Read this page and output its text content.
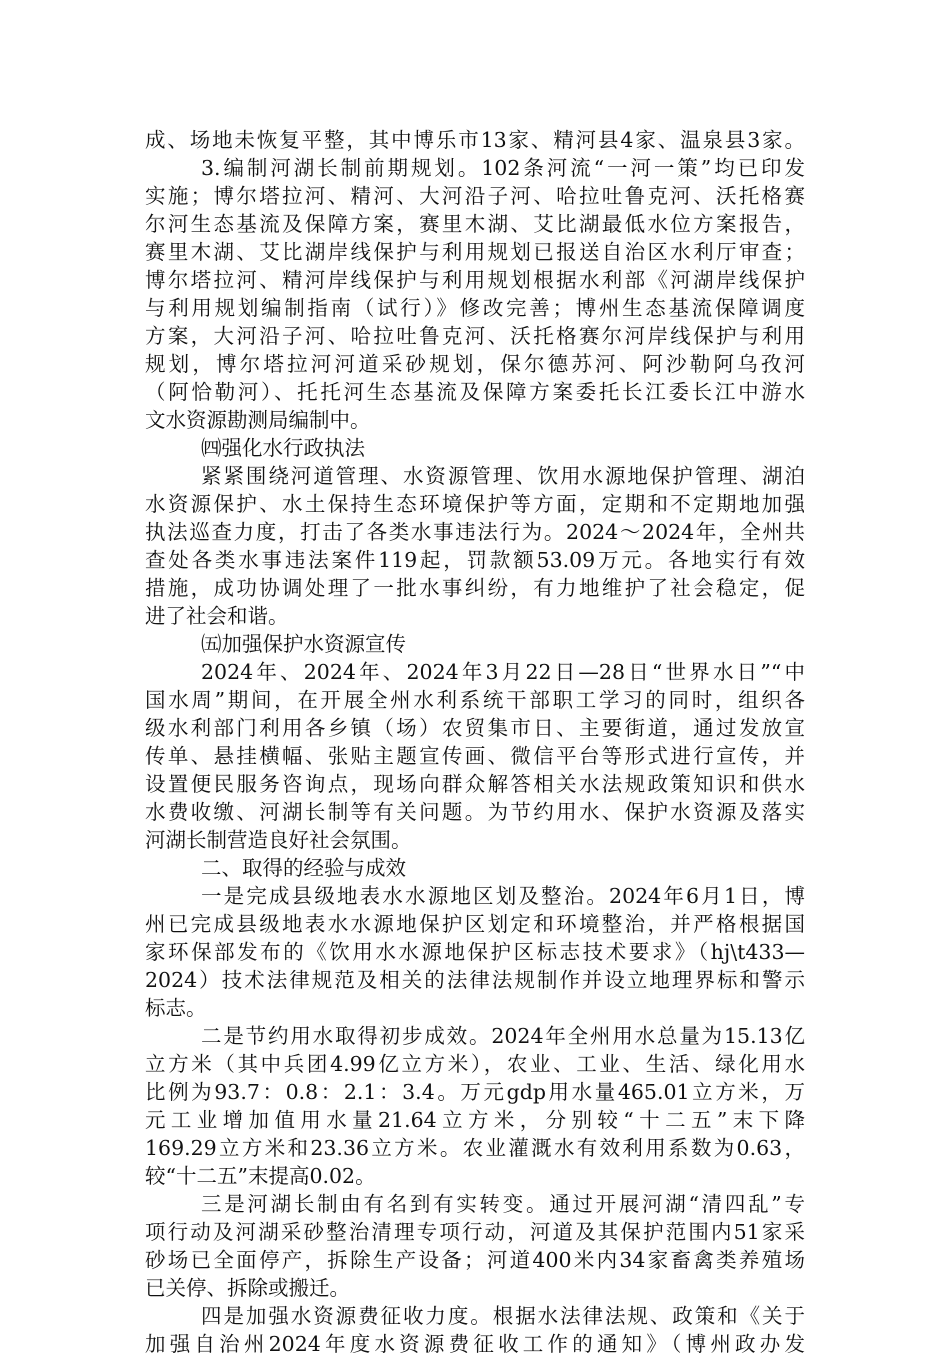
成、场地未恢复平整，其中博乐市13家、精河县4家、温泉县3家。
3.编制河湖长制前期规划。102条河流“一河一策”均已印发
实施；博尔塔拉河、精河、大河沿子河、哈拉吐鲁克河、沃托格赛
尔河生态基流及保障方案，赛里木湖、艾比湖最低水位方案报告，
赛里木湖、艾比湖岸线保护与利用规划已报送自治区水利厅审查；
博尔塔拉河、精河岸线保护与利用规划根据水利部《河湖岸线保护
与利用规划编制指南（试行）》修改完善；博州生态基流保障调度
方案，大河沿子河、哈拉吐鲁克河、沃托格赛尔河岸线保护与利用
规划，博尔塔拉河河道采砂规划，保尔德苏河、阿沙勒阿乌孜河
（阿恰勒河）、托托河生态基流及保障方案委托长江委长江中游水
文水资源勘测局编制中。
㈣强化水行政执法
紧紧围绕河道管理、水资源管理、饮用水源地保护管理、湖泊
水资源保护、水土保持生态环境保护等方面，定期和不定期地加强
执法巡查力度，打击了各类水事违法行为。2024～2024年，全州共
查处各类水事违法案件119起，罚款额53.09万元。各地实行有效
措施，成功协调处理了一批水事纠纷，有力地维护了社会稳定，促
进了社会和谐。
㈤加强保护水资源宣传
2024年、2024年、2024年3月22日—28日“世界水日”“中
国水周”期间，在开展全州水利系统干部职工学习的同时，组织各
级水利部门利用各乡镇（场）农贸集市日、主要街道，通过发放宣
传单、悬挂横幅、张贴主题宣传画、微信平台等形式进行宣传，并
设置便民服务咨询点，现场向群众解答相关水法规政策知识和供水
水费收缴、河湖长制等有关问题。为节约用水、保护水资源及落实
河湖长制营造良好社会氛围。
二、取得的经验与成效
一是完成县级地表水水源地区划及整治。2024年6月1日，博
州已完成县级地表水水源地保护区划定和环境整治，并严格根据国
家环保部发布的《饮用水水源地保护区标志技术要求》（hj\t433—
2024）技术法律规范及相关的法律法规制作并设立地理界标和警示
标志。
二是节约用水取得初步成效。2024年全州用水总量为15.13亿
立方米（其中兵团4.99亿立方米），农业、工业、生活、绿化用水
比例为93.7：0.8：2.1：3.4。万元gdp用水量465.01立方米，万
元工业增加值用水量21.64立方米，分别较“十二五”末下降
169.29立方米和23.36立方米。农业灌溉水有效利用系数为0.63，
较“十二五”末提高0.02。
三是河湖长制由有名到有实转变。通过开展河湖“清四乱”专
项行动及河湖采砂整治清理专项行动，河道及其保护范围内51家采
砂场已全面停产，拆除生产设备；河道400米内34家畜禽类养殖场
已关停、拆除或搬迁。
四是加强水资源费征收力度。根据水法律法规、政策和《关于
加强自治州2024年度水资源费征收工作的通知》（博州政办发
